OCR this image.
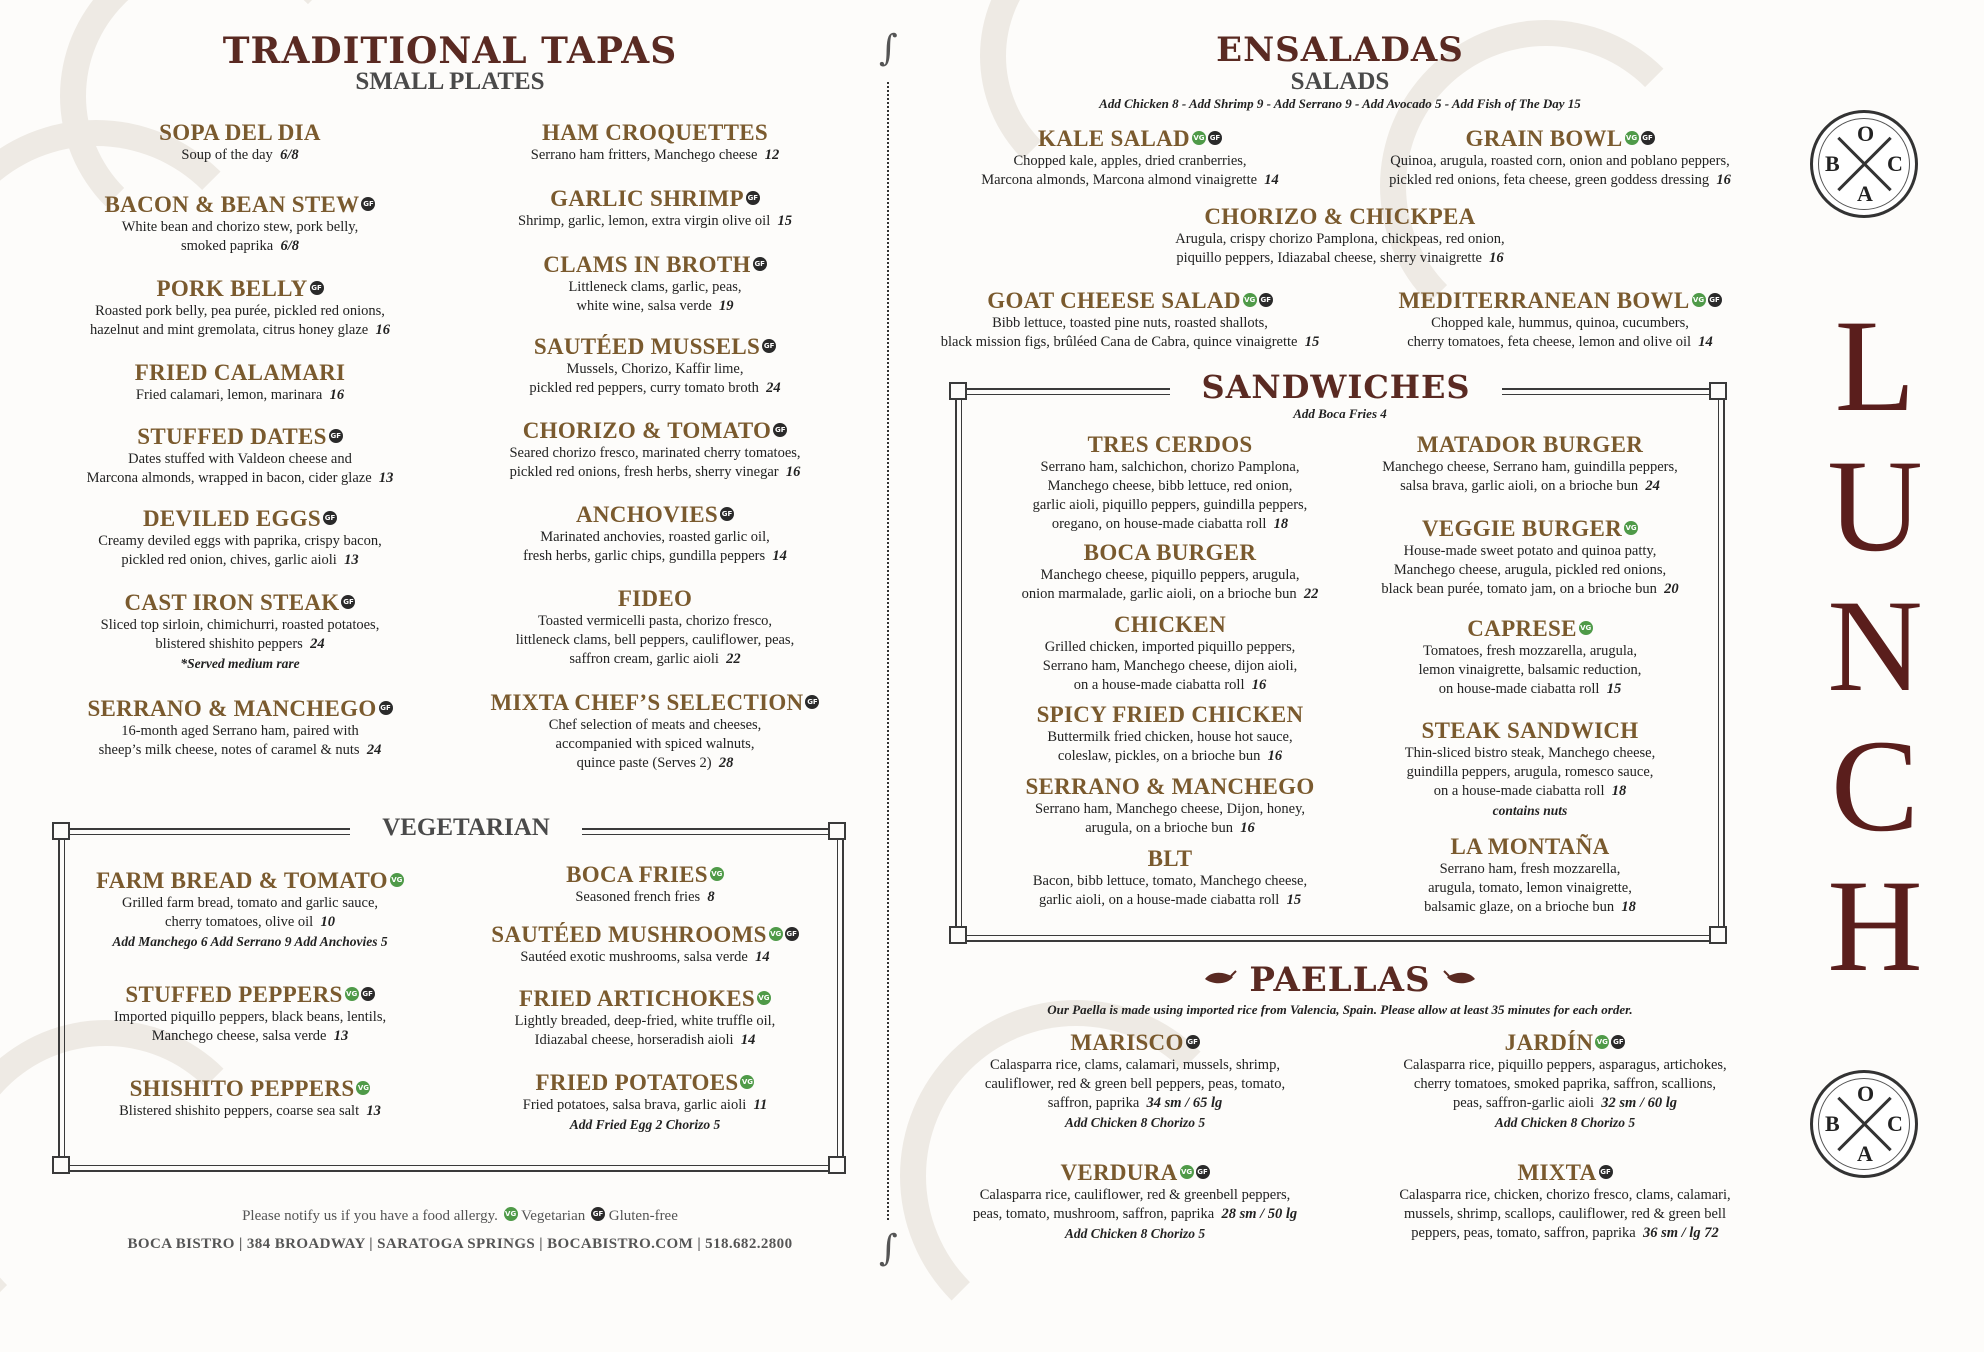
TRADITIONAL TAPAS
SMALL PLATES
SOPA DEL DIA
Soup of the day 6/8
BACON & BEAN STEW GF
White bean and chorizo stew, pork belly,
smoked paprika 6/8
PORK BELLY GF
Roasted pork belly, pea purée, pickled red onions,
hazelnut and mint gremolata, citrus honey glaze 16
FRIED CALAMARI
Fried calamari, lemon, marinara 16
STUFFED DATES GF
Dates stuffed with Valdeon cheese and
Marcona almonds, wrapped in bacon, cider glaze 13
DEVILED EGGS GF
Creamy deviled eggs with paprika, crispy bacon,
pickled red onion, chives, garlic aioli 13
CAST IRON STEAK GF
Sliced top sirloin, chimichurri, roasted potatoes,
blistered shishito peppers 24
*Served medium rare
SERRANO & MANCHEGO GF
16-month aged Serrano ham, paired with
sheep’s milk cheese, notes of caramel & nuts 24
HAM CROQUETTES
Serrano ham fritters, Manchego cheese 12
GARLIC SHRIMP GF
Shrimp, garlic, lemon, extra virgin olive oil 15
CLAMS IN BROTH GF
Littleneck clams, garlic, peas,
white wine, salsa verde 19
SAUTÉED MUSSELS GF
Mussels, Chorizo, Kaffir lime,
pickled red peppers, curry tomato broth 24
CHORIZO & TOMATO GF
Seared chorizo fresco, marinated cherry tomatoes,
pickled red onions, fresh herbs, sherry vinegar 16
ANCHOVIES GF
Marinated anchovies, roasted garlic oil,
fresh herbs, garlic chips, gundilla peppers 14
FIDEO
Toasted vermicelli pasta, chorizo fresco,
littleneck clams, bell peppers, cauliflower, peas,
saffron cream, garlic aioli 22
MIXTA CHEF’S SELECTION GF
Chef selection of meats and cheeses,
accompanied with spiced walnuts,
quince paste (Serves 2) 28
VEGETARIAN
FARM BREAD & TOMATO VG
Grilled farm bread, tomato and garlic sauce,
cherry tomatoes, olive oil 10
Add Manchego 6 Add Serrano 9 Add Anchovies 5
STUFFED PEPPERS VG GF
Imported piquillo peppers, black beans, lentils,
Manchego cheese, salsa verde 13
SHISHITO PEPPERS VG
Blistered shishito peppers, coarse sea salt 13
BOCA FRIES VG
Seasoned french fries 8
SAUTÉED MUSHROOMS VG GF
Sautéed exotic mushrooms, salsa verde 14
FRIED ARTICHOKES VG
Lightly breaded, deep-fried, white truffle oil,
Idiazabal cheese, horseradish aioli 14
FRIED POTATOES VG
Fried potatoes, salsa brava, garlic aioli 11
Add Fried Egg 2 Chorizo 5
Please notify us if you have a food allergy. VG Vegetarian GF Gluten-free
BOCA BISTRO | 384 BROADWAY | SARATOGA SPRINGS | BOCABISTRO.COM | 518.682.2800
∫
∫
ENSALADAS
SALADS
Add Chicken 8 - Add Shrimp 9 - Add Serrano 9 - Add Avocado 5 - Add Fish of The Day 15
KALE SALAD VG GF
Chopped kale, apples, dried cranberries,
Marcona almonds, Marcona almond vinaigrette 14
GRAIN BOWL VG GF
Quinoa, arugula, roasted corn, onion and poblano peppers,
pickled red onions, feta cheese, green goddess dressing 16
CHORIZO & CHICKPEA
Arugula, crispy chorizo Pamplona, chickpeas, red onion,
piquillo peppers, Idiazabal cheese, sherry vinaigrette 16
GOAT CHEESE SALAD VG GF
Bibb lettuce, toasted pine nuts, roasted shallots,
black mission figs, brûléed Cana de Cabra, quince vinaigrette 15
MEDITERRANEAN BOWL VG GF
Chopped kale, hummus, quinoa, cucumbers,
cherry tomatoes, feta cheese, lemon and olive oil 14
SANDWICHES
Add Boca Fries 4
TRES CERDOS
Serrano ham, salchichon, chorizo Pamplona,
Manchego cheese, bibb lettuce, red onion,
garlic aioli, piquillo peppers, guindilla peppers,
oregano, on house-made ciabatta roll 18
BOCA BURGER
Manchego cheese, piquillo peppers, arugula,
onion marmalade, garlic aioli, on a brioche bun 22
CHICKEN
Grilled chicken, imported piquillo peppers,
Serrano ham, Manchego cheese, dijon aioli,
on a house-made ciabatta roll 16
SPICY FRIED CHICKEN
Buttermilk fried chicken, house hot sauce,
coleslaw, pickles, on a brioche bun 16
SERRANO & MANCHEGO
Serrano ham, Manchego cheese, Dijon, honey,
arugula, on a brioche bun 16
BLT
Bacon, bibb lettuce, tomato, Manchego cheese,
garlic aioli, on a house-made ciabatta roll 15
MATADOR BURGER
Manchego cheese, Serrano ham, guindilla peppers,
salsa brava, garlic aioli, on a brioche bun 24
VEGGIE BURGER VG
House-made sweet potato and quinoa patty,
Manchego cheese, arugula, pickled red onions,
black bean purée, tomato jam, on a brioche bun 20
CAPRESE VG
Tomatoes, fresh mozzarella, arugula,
lemon vinaigrette, balsamic reduction,
on house-made ciabatta roll 15
STEAK SANDWICH
Thin-sliced bistro steak, Manchego cheese,
guindilla peppers, arugula, romesco sauce,
on a house-made ciabatta roll 18
contains nuts
LA MONTAÑA
Serrano ham, fresh mozzarella,
arugula, tomato, lemon vinaigrette,
balsamic glaze, on a brioche bun 18
PAELLAS
Our Paella is made using imported rice from Valencia, Spain. Please allow at least 35 minutes for each order.
MARISCO GF
Calasparra rice, clams, calamari, mussels, shrimp,
cauliflower, red & green bell peppers, peas, tomato,
saffron, paprika 34 sm / 65 lg
Add Chicken 8 Chorizo 5
JARDÍN VG GF
Calasparra rice, piquillo peppers, asparagus, artichokes,
cherry tomatoes, smoked paprika, saffron, scallions,
peas, saffron-garlic aioli 32 sm / 60 lg
Add Chicken 8 Chorizo 5
VERDURA VG GF
Calasparra rice, cauliflower, red & greenbell peppers,
peas, tomato, mushroom, saffron, paprika 28 sm / 50 lg
Add Chicken 8 Chorizo 5
MIXTA GF
Calasparra rice, chicken, chorizo fresco, clams, calamari,
mussels, shrimp, scallops, cauliflower, red & green bell
peppers, peas, tomato, saffron, paprika 36 sm / lg 72
L
U
N
C
H
O
B C
A
O
B C
A
